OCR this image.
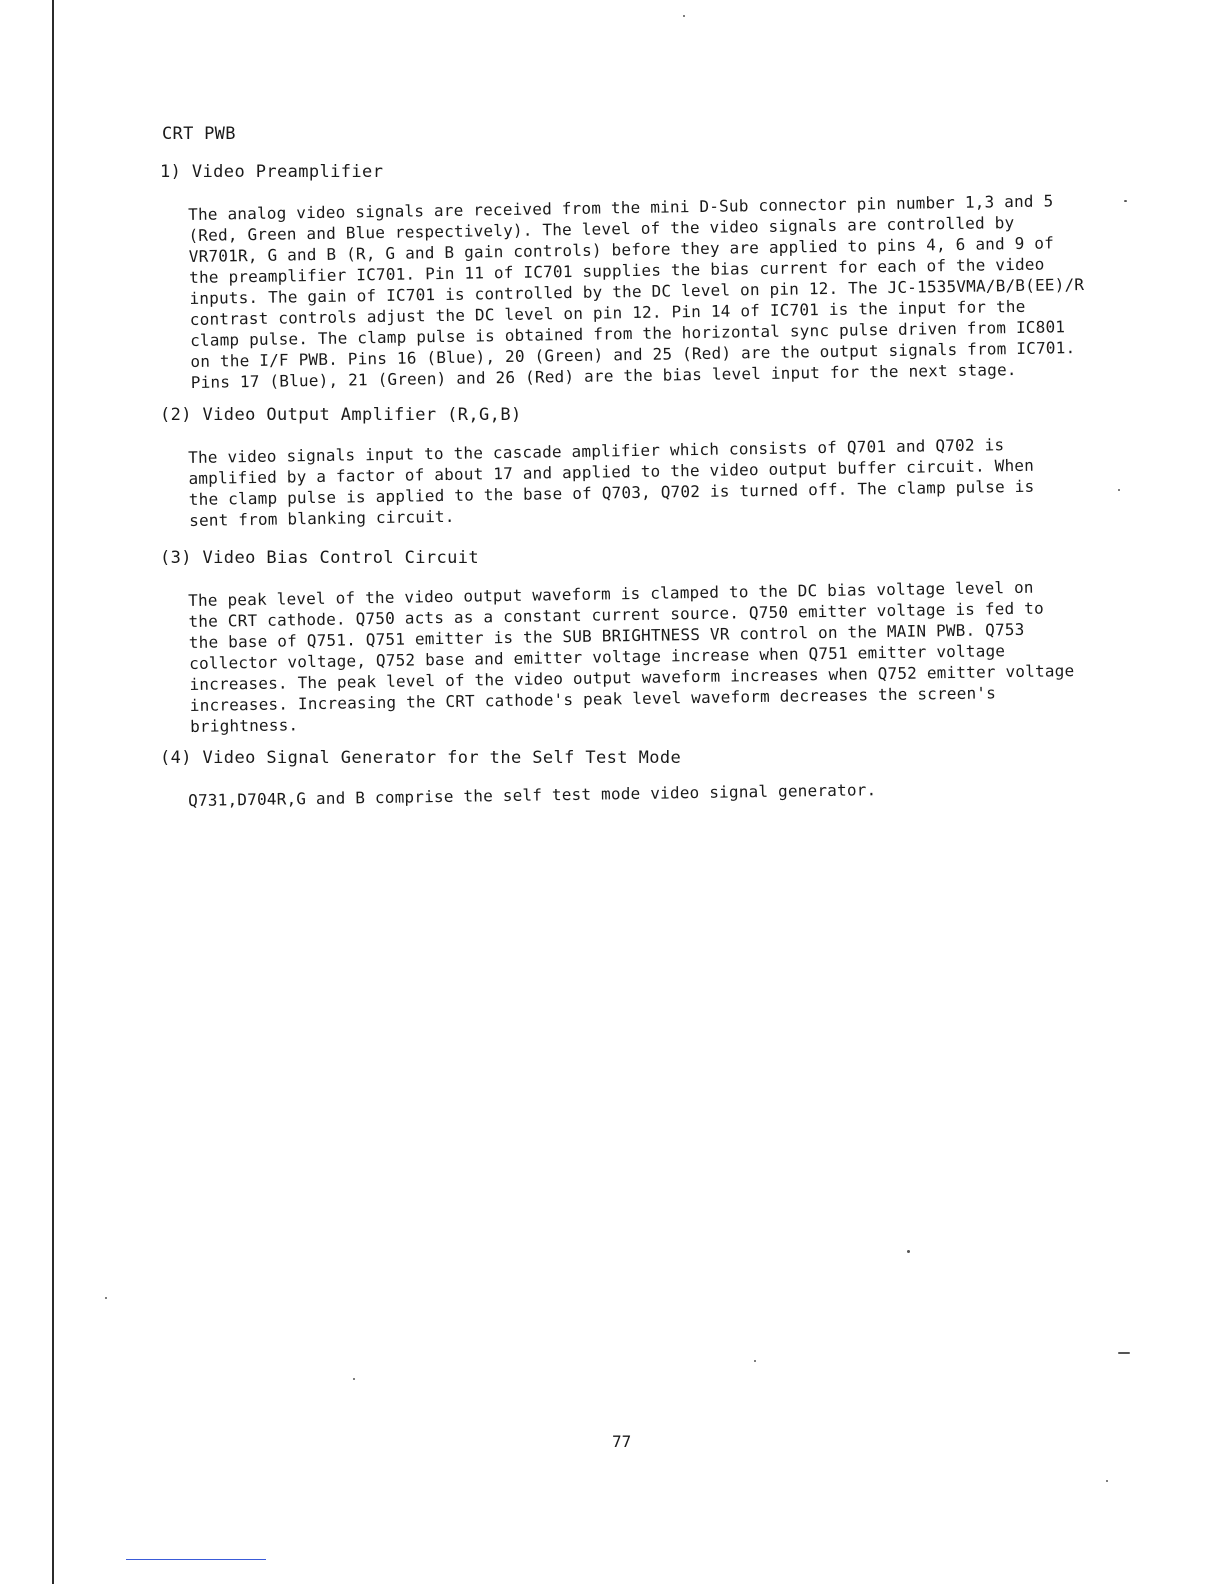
CRT PWB
1) Video Preamplifier

The analog video signals are received from the mini D-Sub connector pin number 1,3 and 5
(Red, Green and Blue respectively). The level of the video signals are controlled by
VR701R, G and B (R, G and B gain controls) before they are applied to pins 4, 6 and 9 of
the preamplifier IC701. Pin 11 of IC701 supplies the bias current for each of the video
inputs. The gain of IC701 is controlled by the DC level on pin 12. The JC-1535VMA/B/B(EE)/R
contrast controls adjust the DC level on pin 12. Pin 14 of IC701 is the input for the
clamp pulse. The clamp pulse is obtained from the horizontal sync pulse driven from IC801
on the I/F PWB. Pins 16 (Blue), 20 (Green) and 25 (Red) are the output signals from IC701.
Pins 17 (Blue), 21 (Green) and 26 (Red) are the bias level input for the next stage.

(2) Video Output Amplifier (R,G,B)

The video signals input to the cascade amplifier which consists of Q701 and Q702 is
amplified by a factor of about 17 and applied to the video output buffer circuit. When
the clamp pulse is applied to the base of Q703, Q702 is turned off. The clamp pulse is
sent from blanking circuit.

(3) Video Bias Control Circuit

The peak level of the video output waveform is clamped to the DC bias voltage level on
the CRT cathode. Q750 acts as a constant current source. Q750 emitter voltage is fed to
the base of Q751. Q751 emitter is the SUB BRIGHTNESS VR control on the MAIN PWB. Q753
collector voltage, Q752 base and emitter voltage increase when Q751 emitter voltage
increases. The peak level of the video output waveform increases when Q752 emitter voltage
increases. Increasing the CRT cathode's peak level waveform decreases the screen's
brightness.

(4) Video Signal Generator for the Self Test Mode

Q731,D704R,G and B comprise the self test mode video signal generator.

77
